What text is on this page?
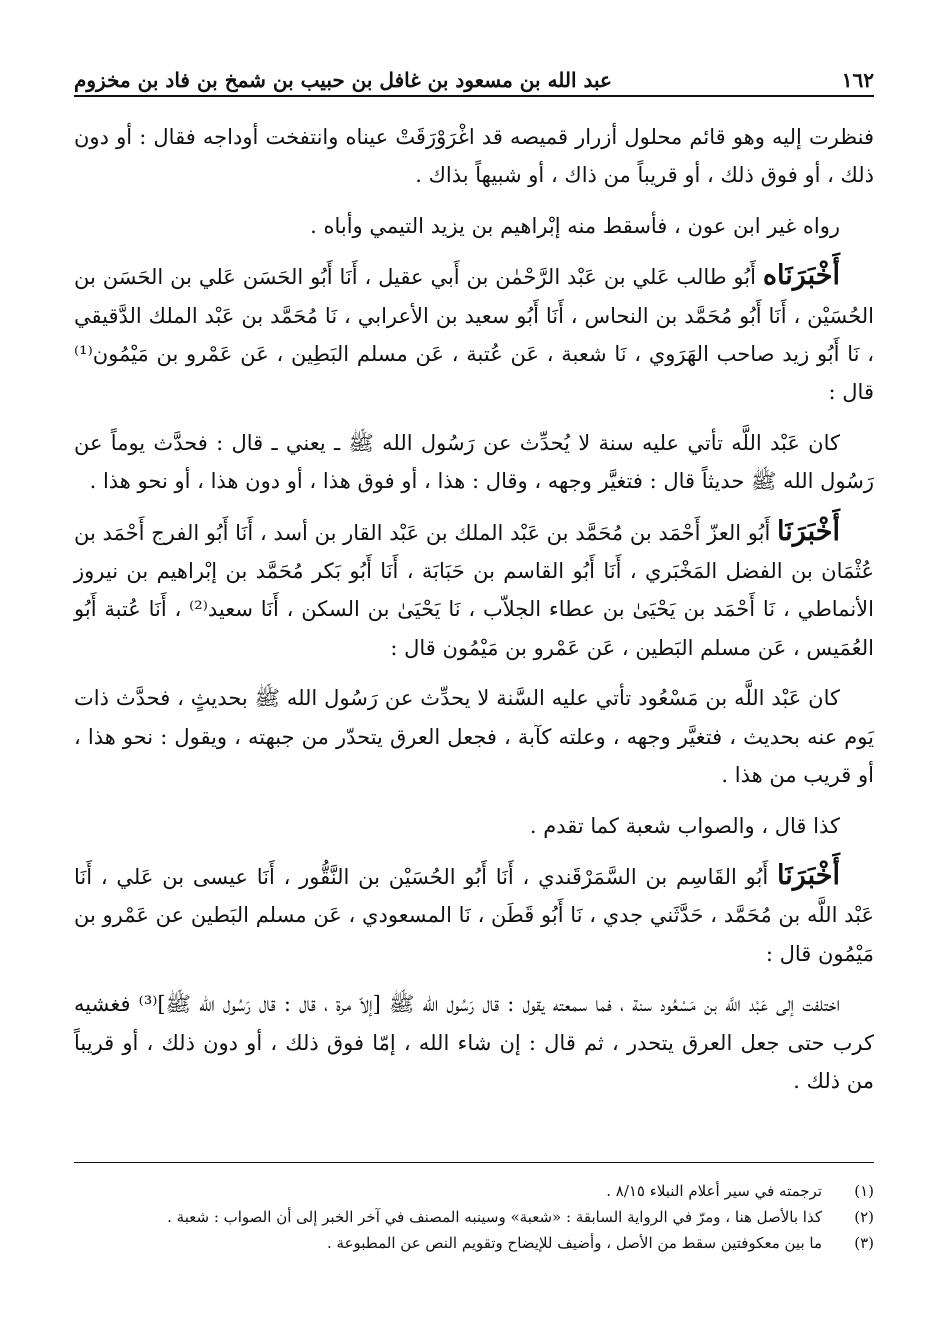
١٦٢
عبد الله بن مسعود بن غافل بن حبيب بن شمخ بن فاد بن مخزوم

فنظرت إليه وهو قائم محلول أزرار قميصه قد اغْرَوْرَقَتْ عيناه وانتفخت أوداجه فقال : أو دون ذلك ، أو فوق ذلك ، أو قريباً من ذاك ، أو شبيهاً بذاك .

رواه غير ابن عون ، فأسقط منه إبْراهيم بن يزيد التيمي وأباه .

أَخْبَرَنَاه أَبُو طالب عَلي بن عَبْد الرَّحْمٰن بن أَبي عقيل ، أَنَا أَبُو الحَسَن عَلي بن الحَسَن بن الحُسَيْن ، أَنَا أَبُو مُحَمَّد بن النحاس ، أَنَا أَبُو سعيد بن الأعرابي ، نَا مُحَمَّد بن عَبْد الملك الدَّقيقي ، نَا أَبُو زيد صاحب الهَرَوي ، نَا شعبة ، عَن عُتبة ، عَن مسلم البَطِين ، عَن عَمْرو بن مَيْمُون⁽¹⁾ قال :

كان عَبْد اللَّه تأتي عليه سنة لا يُحدِّث عن رَسُول الله ﷺ ـ يعني ـ قال : فحدَّث يوماً عن رَسُول الله ﷺ حديثاً قال : فتغيَّر وجهه ، وقال : هذا ، أو فوق هذا ، أو دون هذا ، أو نحو هذا .

أَخْبَرَنَا أَبُو العزّ أَحْمَد بن مُحَمَّد بن عَبْد الملك بن عَبْد القار بن أسد ، أَنَا أَبُو الفرج أَحْمَد بن عُثْمَان بن الفضل المَخْبَري ، أَنَا أَبُو القاسم بن حَبَابَة ، أَنَا أَبُو بَكر مُحَمَّد بن إبْراهيم بن نيروز الأنماطي ، نَا أَحْمَد بن يَحْيَىٰ بن عطاء الجلاّب ، نَا يَحْيَىٰ بن السكن ، أَنَا سعيد⁽²⁾ ، أَنَا عُتبة أَبُو العُمَيس ، عَن مسلم البَطين ، عَن عَمْرو بن مَيْمُون قال :

كان عَبْد اللَّه بن مَسْعُود تأتي عليه السَّنة لا يحدِّث عن رَسُول الله ﷺ بحديثٍ ، فحدَّث ذات يَوم عنه بحديث ، فتغيَّر وجهه ، وعلته كآبة ، فجعل العرق يتحدّر من جبهته ، ويقول : نحو هذا ، أو قريب من هذا .

كذا قال ، والصواب شعبة كما تقدم .

أَخْبَرَنَا أَبُو القَاسِم بن السَّمَرْقَندي ، أَنَا أَبُو الحُسَيْن بن النَّقُّور ، أَنَا عيسى بن عَلي ، أَنَا عَبْد اللَّه بن مُحَمَّد ، حَدَّثَني جدي ، نَا أَبُو قَطَن ، نَا المسعودي ، عَن مسلم البَطين عن عَمْرو بن مَيْمُون قال :

اختلفت إلى عَبْد اللَّه بن مَسْعُود سنة ، فما سمعته يقول : قال رَسُول الله ﷺ [إلاّ مرة ، قال : قال رَسُول الله ﷺ]⁽³⁾ فغشيه كرب حتى جعل العرق يتحدر ، ثم قال : إن شاء الله ، إمّا فوق ذلك ، أو دون ذلك ، أو قريباً من ذلك .

(١)
ترجمته في سير أعلام النبلاء ٨/١٥ .
(٢)
كذا بالأصل هنا ، ومرّ في الرواية السابقة : «شعبة» وسينبه المصنف في آخر الخبر إلى أن الصواب : شعبة .
(٣)
ما بين معكوفتين سقط من الأصل ، وأضيف للإيضاح وتقويم النص عن المطبوعة .
